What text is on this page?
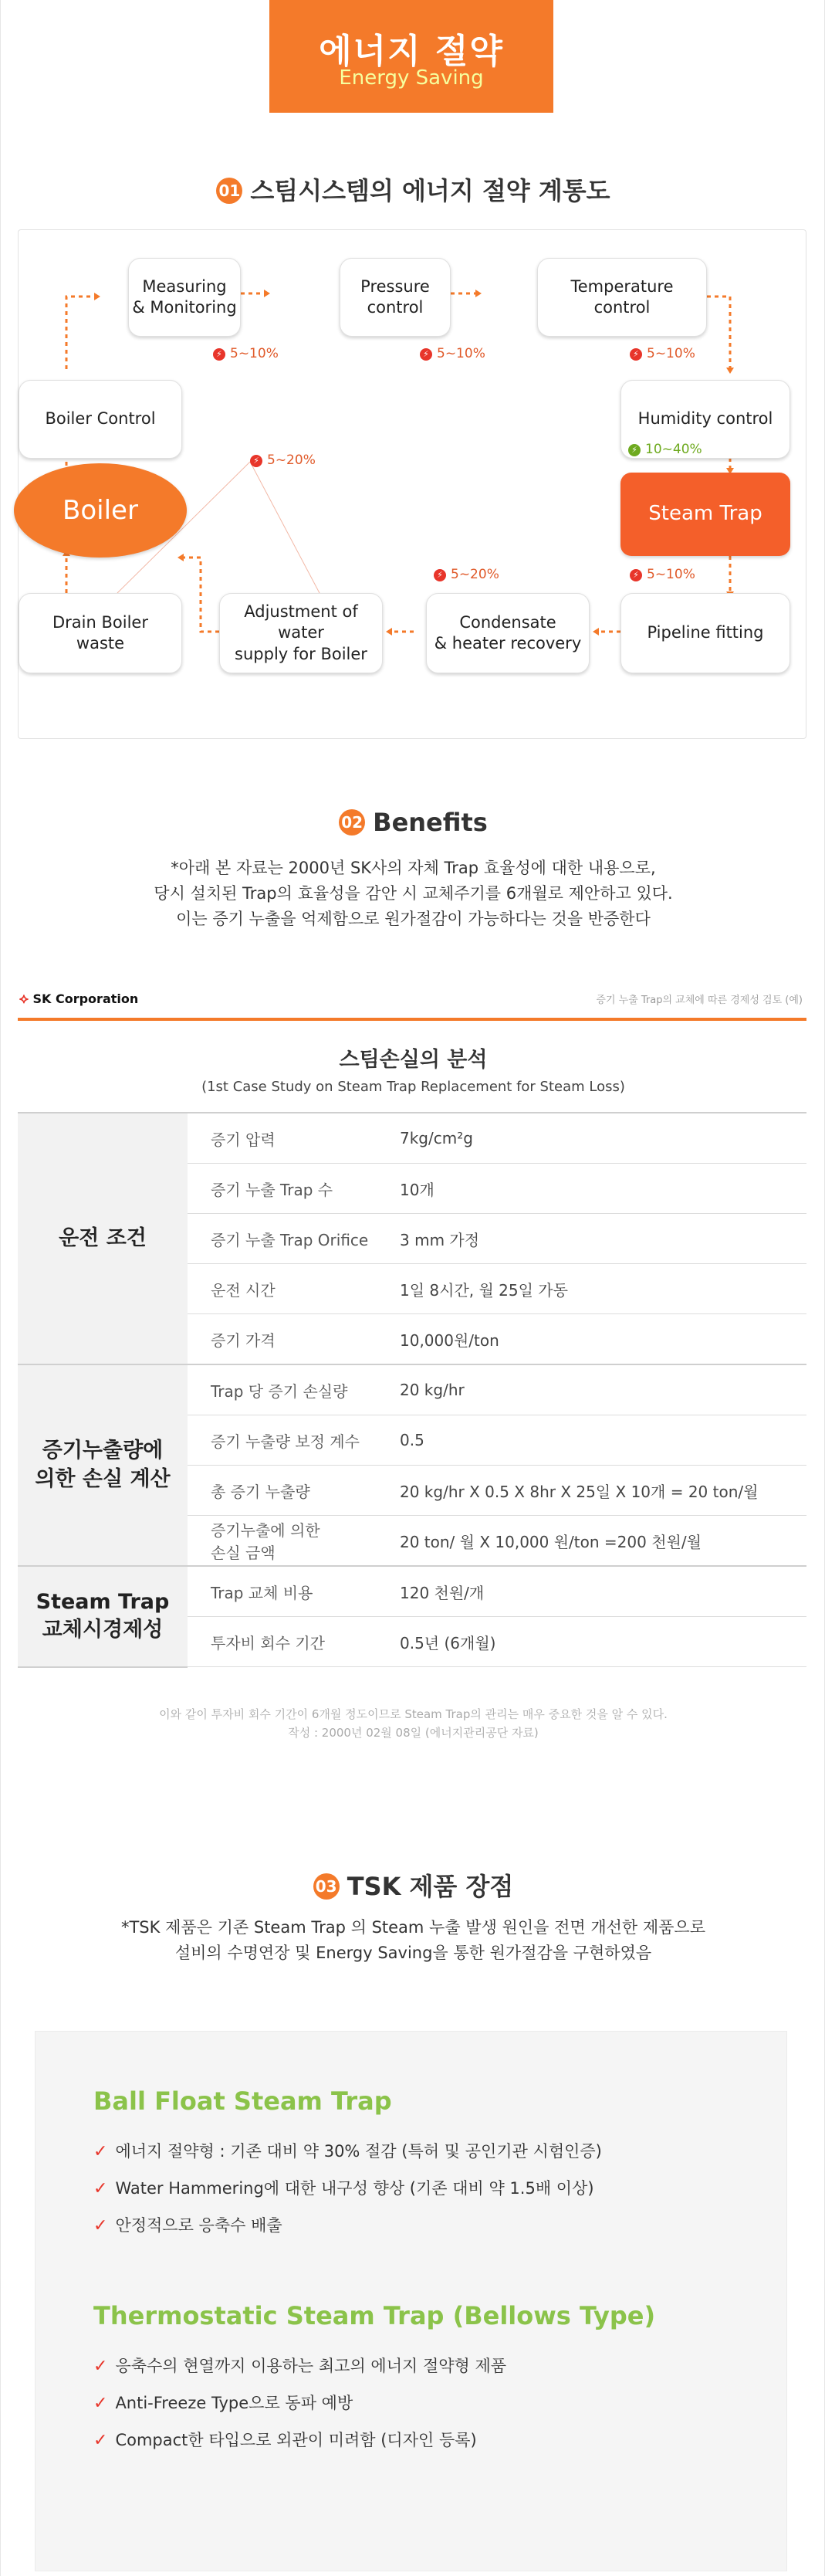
에너지 절약
Energy Saving
01 스팀시스템의 에너지 절약 계통도
Measuring
& Monitoring
Pressure control
Temperature
control
Boiler Control	Humidity control
Boiler	Steam Trap
Drain Boiler
waste
Adjustment of water
supply for Boiler
Condensate
& heater recovery
Pipeline fitting
⚡ 5~10%	⚡ 5~10%	⚡ 5~10%
⚡ 10~40%
⚡ 5~20%
⚡ 5~10%
⚡ 5~20%
02 Benefits
*아래 본 자료는 2000년 SK사의 자체 Trap 효율성에 대한 내용으로,
당시 설치된 Trap의 효율성을 감안 시 교체주기를 6개월로 제안하고 있다.
이는 증기 누출을 억제함으로 원가절감이 가능하다는 것을 반증한다
⟡ SK Corporation	증기 누출 Trap의 교체에 따른 경제성 검토 (예)
스팀손실의 분석
(1st Case Study on Steam Trap Replacement for Steam Loss)
운전 조건	증기 압력	7kg/cm²g
	증기 누출 Trap 수	10개
	증기 누출 Trap Orifice	3 mm 가정
	운전 시간	1일 8시간, 월 25일 가동
	증기 가격	10,000원/ton
증기누출량에
의한 손실 계산	Trap 당 증기 손실량	20 kg/hr
	증기 누출량 보정 계수	0.5
	총 증기 누출량	20 kg/hr X 0.5 X 8hr X 25일 X 10개 = 20 ton/월
	증기누출에 의한
손실 금액	20 ton/ 월 X 10,000 원/ton =200 천원/월
Steam Trap
교체시경제성	Trap 교체 비용	120 천원/개
	투자비 회수 기간	0.5년 (6개월)
이와 같이 투자비 회수 기간이 6개월 정도이므로 Steam Trap의 관리는 매우 중요한 것을 알 수 있다.
작성 : 2000년 02월 08일 (에너지관리공단 자료)
03 TSK 제품 장점
*TSK 제품은 기존 Steam Trap 의 Steam 누출 발생 원인을 전면 개선한 제품으로
설비의 수명연장 및 Energy Saving을 통한 원가절감을 구현하였음
Ball Float Steam Trap
✓ 에너지 절약형 : 기존 대비 약 30% 절감 (특허 및 공인기관 시험인증)
✓ Water Hammering에 대한 내구성 향상 (기존 대비 약 1.5배 이상)
✓ 안정적으로 응축수 배출
Thermostatic Steam Trap (Bellows Type)
✓ 응축수의 현열까지 이용하는 최고의 에너지 절약형 제품
✓ Anti-Freeze Type으로 동파 예방
✓ Compact한 타입으로 외관이 미려함 (디자인 등록)
